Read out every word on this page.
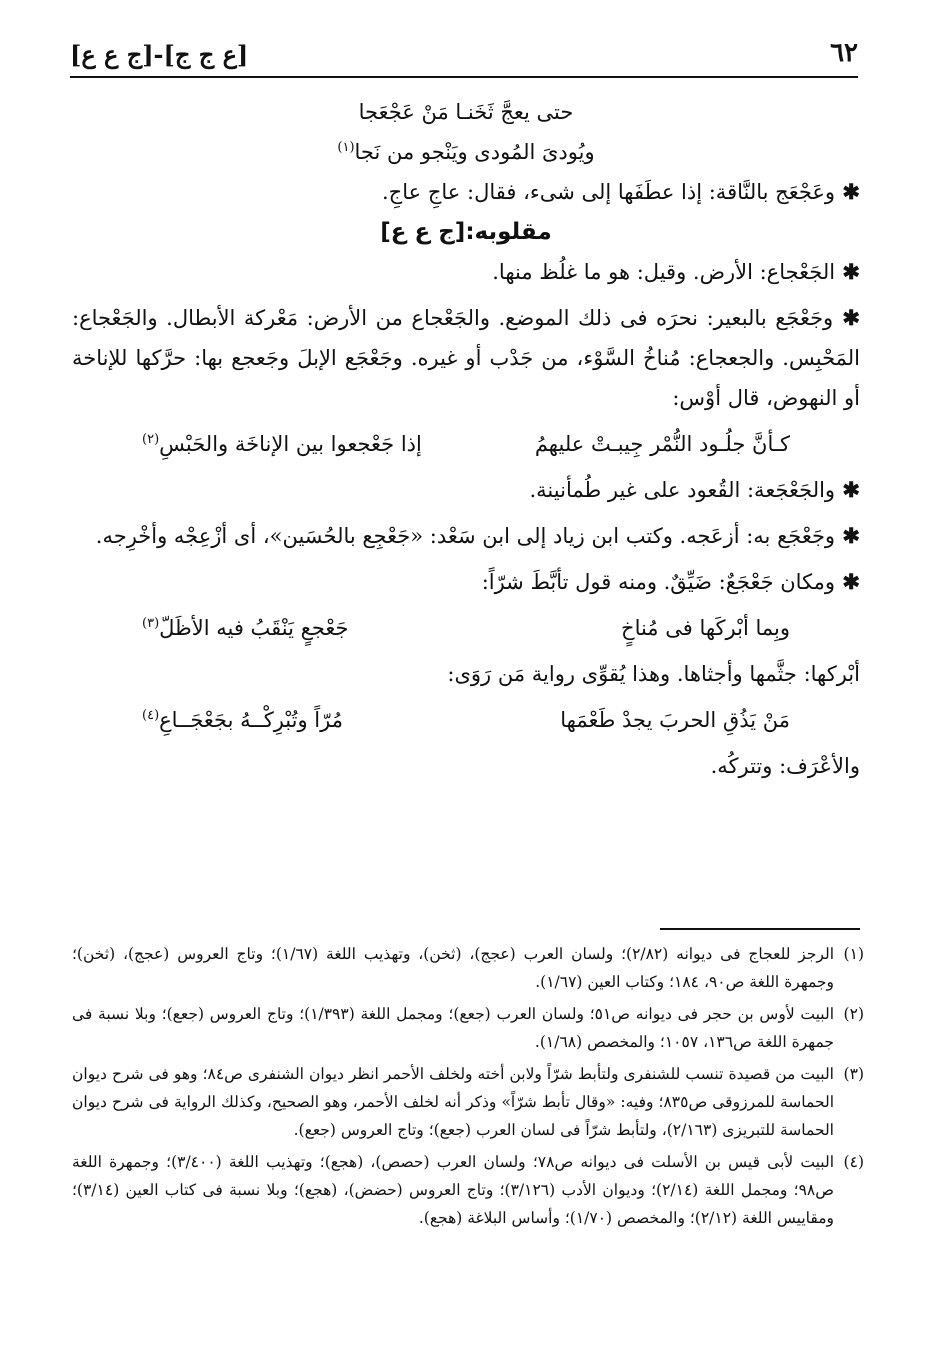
٦٢
[ع ج ج]-[ج ع ع]

حتى يعجَّ ثَخَنـا مَنْ عَجْعَجا

ويُودىَ المُودى ويَنْجو من نَجا$^{(١)}$

✱ وعَجْعَج بالنَّاقة: إذا عطَفَها إلى شىء، فقال: عاجِ عاجِ.

مقلوبه:[ج ع ع]

✱ الجَعْجاع: الأرض. وقيل: هو ما غلُظ منها.

✱ وجَعْجَع بالبعير: نحرَه فى ذلك الموضع. والجَعْجاع من الأرض: مَعْركة الأبطال. والجَعْجاع: المَحْبِس. والجعجاع: مُناخُ السَّوْء، من جَدْب أو غيره. وجَعْجَع الإبلَ وجَعجع بها: حرَّكها للإناخة أو النهوض، قال أوْس:

كـأنَّ جلُـود النُّمْر جِيبـتْ عليهمُ
إذا جَعْجعوا بين الإناخَة والحَبْسِ$^{(٢)}$

✱ والجَعْجَعة: القُعود على غير طُمأنينة.

✱ وجَعْجَع به: أزعَجه. وكتب ابن زياد إلى ابن سَعْد: «جَعْجِع بالحُسَين»، أى أزْعِجْه وأخْرِجه.

✱ ومكان جَعْجَعٌ: ضَيِّقٌ. ومنه قول تأبَّطَ شرّاً:

وبِما أبْركَها فى مُناخٍ
جَعْجعٍ يَنْقَبُ فيه الأظَلّ$^{(٣)}$

أبْركها: جثَّمها وأجثاها. وهذا يُقوِّى رواية مَن رَوَى:

مَنْ يَذُقِ الحربَ يجدْ طَعْمَها
مُرّاً وتُبْرِكْــهُ بجَعْجَــاعِ$^{(٤)}$

والأعْرَف: وتتركُه.

(١)
الرجز للعجاج فى ديوانه (٢/٨٢)؛ ولسان العرب (عجج)، (ثخن)، وتهذيب اللغة (١/٦٧)؛ وتاج العروس (عجج)، (ثخن)؛ وجمهرة اللغة ص٩٠، ١٨٤؛ وكتاب العين (١/٦٧).

(٢)
البيت لأوس بن حجر فى ديوانه ص٥١؛ ولسان العرب (جعع)؛ ومجمل اللغة (١/٣٩٣)؛ وتاج العروس (جعع)؛ وبلا نسبة فى جمهرة اللغة ص١٣٦، ١٠٥٧؛ والمخصص (١/٦٨).

(٣)
البيت من قصيدة تنسب للشنفرى ولتأبط شرّاً ولابن أخته ولخلف الأحمر انظر ديوان الشنفرى ص٨٤؛ وهو فى شرح ديوان الحماسة للمرزوقى ص٨٣٥؛ وفيه: «وقال تأبط شرّاً» وذكر أنه لخلف الأحمر، وهو الصحيح، وكذلك الرواية فى شرح ديوان الحماسة للتبريزى (٢/١٦٣)، ولتأبط شرّاً فى لسان العرب (جعع)؛ وتاج العروس (جعع).

(٤)
البيت لأبى قيس بن الأسلت فى ديوانه ص٧٨؛ ولسان العرب (حصص)، (هجع)؛ وتهذيب اللغة (٣/٤٠٠)؛ وجمهرة اللغة ص٩٨؛ ومجمل اللغة (٢/١٤)؛ وديوان الأدب (٣/١٢٦)؛ وتاج العروس (حضض)، (هجع)؛ وبلا نسبة فى كتاب العين (٣/١٤)؛ ومقاييس اللغة (٢/١٢)؛ والمخصص (١/٧٠)؛ وأساس البلاغة (هجع).
